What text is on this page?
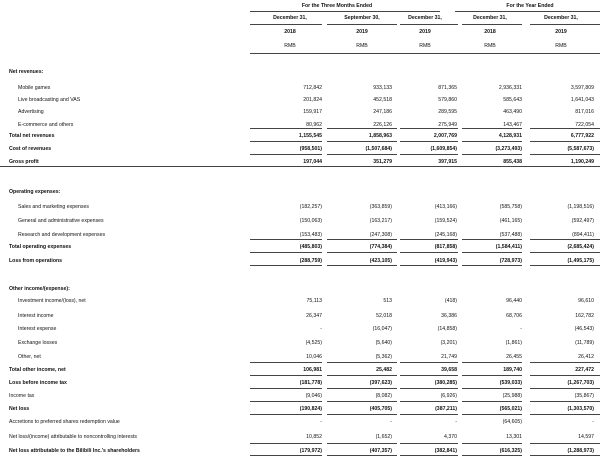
For the Three Months Ended	For the Year Ended
December 31,
2018
RMB
September 30,
2019
RMB
December 31,
2019
RMB
December 31,
2018
RMB
December 31,
2019
RMB
Net revenues:
Mobile games	712,842	933,133	871,365	2,936,331	3,597,809
Live broadcasting and VAS	201,824	452,518	579,860	585,643	1,641,043
Advertising	159,917	247,186	289,595	463,490	817,016
E-commerce and others	80,962	226,126	275,949	143,467	722,054
Total net revenues	1,155,545	1,858,963	2,007,769	4,128,931	6,777,922
Cost of revenues	(958,501)	(1,507,684)	(1,609,854)	(3,273,493)	(5,587,673)
Gross profit	197,044	351,279	397,915	855,438	1,190,249
Operating expenses:
Sales and marketing expenses	(182,257)	(363,859)	(413,166)	(585,758)	(1,198,516)
General and administrative expenses	(150,063)	(163,217)	(159,524)	(461,165)	(592,497)
Research and development expenses	(153,483)	(247,308)	(245,168)	(537,488)	(894,411)
Total operating expenses	(485,803)	(774,384)	(817,858)	(1,584,411)	(2,685,424)
Loss from operations	(288,759)	(423,105)	(419,943)	(728,973)	(1,495,175)
Other income/(expense):
Investment income/(loss), net	75,113	513	(418)	96,440	96,610
Interest income	26,347	52,018	36,386	68,706	162,782
Interest expense	-	(16,047)	(14,858)	-	(46,543)
Exchange losses	(4,525)	(5,640)	(3,201)	(1,861)	(11,789)
Other, net	10,046	(5,362)	21,749	26,455	26,412
Total other income, net	106,981	25,482	39,658	189,740	227,472
Loss before income tax	(181,778)	(397,623)	(380,285)	(539,033)	(1,267,703)
Income tax	(9,046)	(8,082)	(6,926)	(25,988)	(35,867)
Net loss	(190,824)	(405,705)	(387,211)	(565,021)	(1,303,570)
Accretions to preferred shares redemption value	-	-	-	(64,605)	-
Net loss/(income) attributable to noncontrolling interests	10,852	(1,652)	4,370	13,301	14,597
Net loss attributable to the Bilibili Inc.'s shareholders	(179,972)	(407,357)	(382,841)	(616,325)	(1,288,973)
